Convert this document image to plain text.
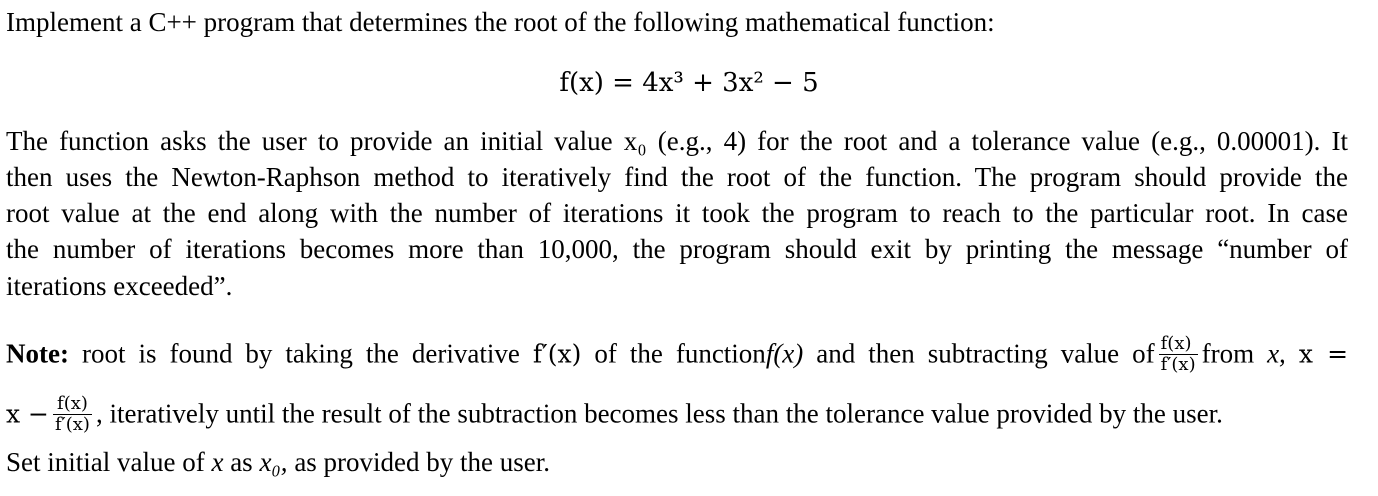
Implement a C++ program that determines the root of the following mathematical function:
f(x) = 4x³ + 3x² − 5
The function asks the user to provide an initial value x₀ (e.g., 4) for the root and a tolerance value (e.g., 0.00001). It
then uses the Newton-Raphson method to iteratively find the root of the function. The program should provide the
root value at the end along with the number of iterations it took the program to reach to the particular root. In case
the number of iterations becomes more than 10,000, the program should exit by printing the message “number of
iterations exceeded”.
Note: root is found by taking the derivative f′(x) of the functionf(x) and then subtracting value of $\frac{f(x)}{f'(x)}$ from x, x =
$x - \frac{f(x)}{f'(x)}$ , iteratively until the result of the subtraction becomes less than the tolerance value provided by the user.
Set initial value of x as x₀, as provided by the user.
